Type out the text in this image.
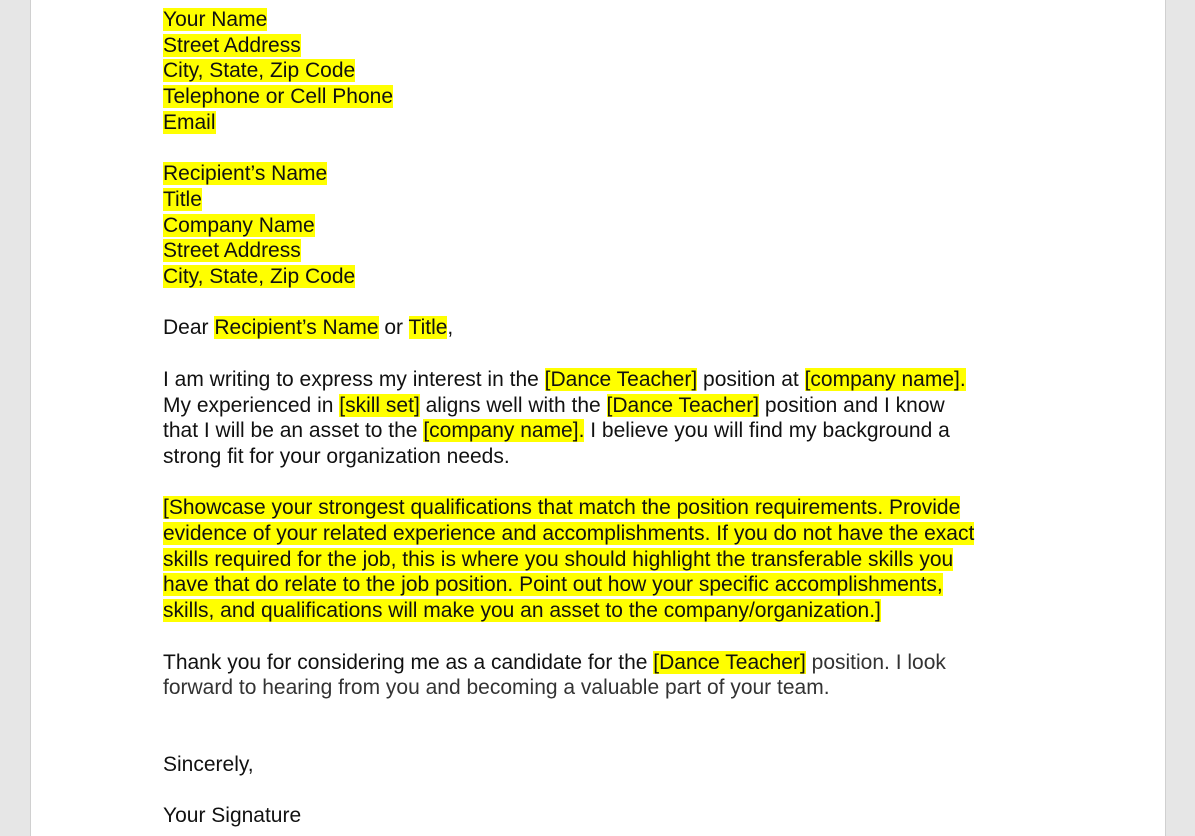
Your Name
Street Address
City, State, Zip Code
Telephone or Cell Phone
Email
Recipient’s Name
Title
Company Name
Street Address
City, State, Zip Code
Dear Recipient’s Name or Title,
I am writing to express my interest in the [Dance Teacher] position at [company name].
My experienced in [skill set] aligns well with the [Dance Teacher] position and I know
that I will be an asset to the [company name]. I believe you will find my background a
strong fit for your organization needs.
[Showcase your strongest qualifications that match the position requirements. Provide
evidence of your related experience and accomplishments. If you do not have the exact
skills required for the job, this is where you should highlight the transferable skills you
have that do relate to the job position. Point out how your specific accomplishments,
skills, and qualifications will make you an asset to the company/organization.]
Thank you for considering me as a candidate for the [Dance Teacher] position. I look
forward to hearing from you and becoming a valuable part of your team.
Sincerely,
Your Signature
